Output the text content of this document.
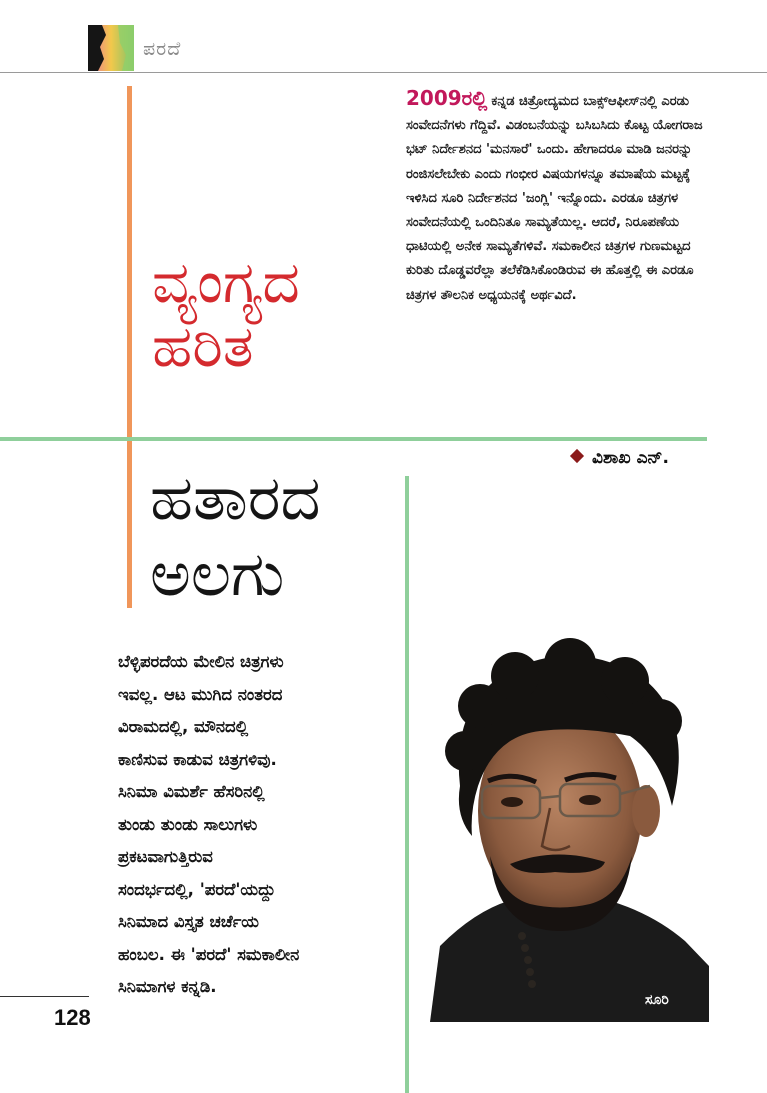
ಪರದೆ
ವ್ಯಂಗ್ಯದ
ಹರಿತ
ಹತಾರದ
ಅಲಗು
2009ರಲ್ಲಿ ಕನ್ನಡ ಚಿತ್ರೋದ್ಯಮದ ಬಾಕ್ಸ್‌ಆಫೀಸ್‌ನಲ್ಲಿ ಎರಡು ಸಂವೇದನೆಗಳು ಗೆದ್ದಿವೆ. ವಿಡಂಬನೆಯನ್ನು ಬಸಿಬಸಿದು ಕೊಟ್ಟ ಯೋಗರಾಜ ಭಟ್ ನಿರ್ದೇಶನದ 'ಮನಸಾರೆ' ಒಂದು. ಹೇಗಾದರೂ ಮಾಡಿ ಜನರನ್ನು ರಂಜಿಸಲೇಬೇಕು ಎಂದು ಗಂಭೀರ ವಿಷಯಗಳನ್ನೂ ತಮಾಷೆಯ ಮಟ್ಟಕ್ಕೆ ಇಳಿಸಿದ ಸೂರಿ ನಿರ್ದೇಶನದ 'ಜಂಗ್ಲಿ' ಇನ್ನೊಂದು. ಎರಡೂ ಚಿತ್ರಗಳ ಸಂವೇದನೆಯಲ್ಲಿ ಒಂದಿನಿತೂ ಸಾಮ್ಯತೆಯಿಲ್ಲ. ಆದರೆ, ನಿರೂಪಣೆಯ ಧಾಟಿಯಲ್ಲಿ ಅನೇಕ ಸಾಮ್ಯತೆಗಳಿವೆ. ಸಮಕಾಲೀನ ಚಿತ್ರಗಳ ಗುಣಮಟ್ಟದ ಕುರಿತು ದೊಡ್ಡವರೆಲ್ಲಾ ತಲೆಕೆಡಿಸಿಕೊಂಡಿರುವ ಈ ಹೊತ್ತಲ್ಲಿ ಈ ಎರಡೂ ಚಿತ್ರಗಳ ತೌಲನಿಕ ಅಧ್ಯಯನಕ್ಕೆ ಅರ್ಥವಿದೆ.
ವಿಶಾಖ ಎನ್.
ಬೆಳ್ಳಿಪರದೆಯ ಮೇಲಿನ ಚಿತ್ರಗಳು
ಇವಲ್ಲ. ಆಟ ಮುಗಿದ ನಂತರದ
ವಿರಾಮದಲ್ಲಿ, ಮೌನದಲ್ಲಿ
ಕಾಣಿಸುವ ಕಾಡುವ ಚಿತ್ರಗಳಿವು.
ಸಿನಿಮಾ ವಿಮರ್ಶೆ ಹೆಸರಿನಲ್ಲಿ
ತುಂಡು ತುಂಡು ಸಾಲುಗಳು
ಪ್ರಕಟವಾಗುತ್ತಿರುವ
ಸಂದರ್ಭದಲ್ಲಿ, 'ಪರದೆ'ಯದ್ದು
ಸಿನಿಮಾದ ವಿಸ್ತೃತ ಚರ್ಚೆಯ
ಹಂಬಲ. ಈ 'ಪರದೆ' ಸಮಕಾಲೀನ
ಸಿನಿಮಾಗಳ ಕನ್ನಡಿ.
ಸೂರಿ
128
